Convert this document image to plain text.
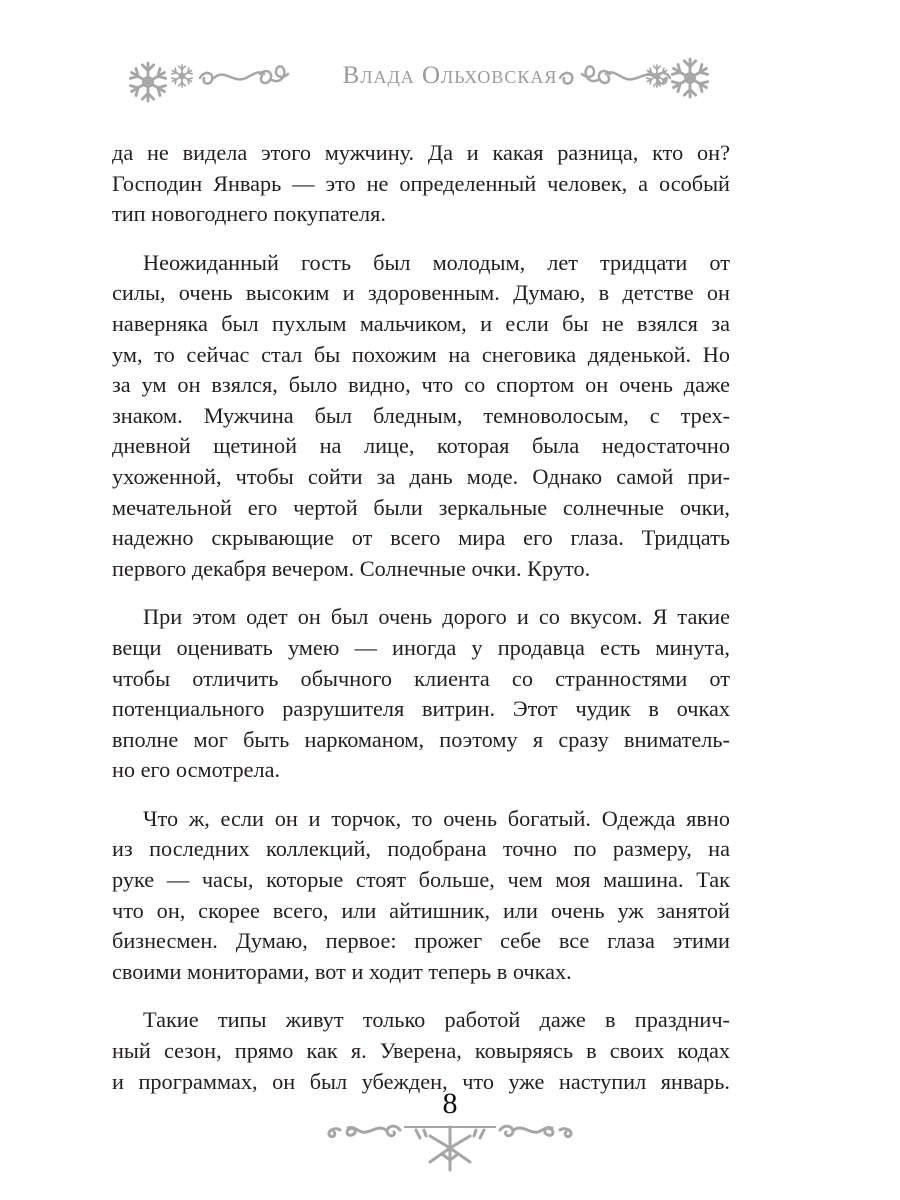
Влада Ольховская
да не видела этого мужчину. Да и какая разница, кто он?
Господин Январь — это не определенный человек, а особый
тип новогоднего покупателя.
Неожиданный гость был молодым, лет тридцати от
силы, очень высоким и здоровенным. Думаю, в детстве он
наверняка был пухлым мальчиком, и если бы не взялся за
ум, то сейчас стал бы похожим на снеговика дяденькой. Но
за ум он взялся, было видно, что со спортом он очень даже
знаком. Мужчина был бледным, темноволосым, с трех-
дневной щетиной на лице, которая была недостаточно
ухоженной, чтобы сойти за дань моде. Однако самой при-
мечательной его чертой были зеркальные солнечные очки,
надежно скрывающие от всего мира его глаза. Тридцать
первого декабря вечером. Солнечные очки. Круто.
При этом одет он был очень дорого и со вкусом. Я такие
вещи оценивать умею — иногда у продавца есть минута,
чтобы отличить обычного клиента со странностями от
потенциального разрушителя витрин. Этот чудик в очках
вполне мог быть наркоманом, поэтому я сразу вниматель-
но его осмотрела.
Что ж, если он и торчок, то очень богатый. Одежда явно
из последних коллекций, подобрана точно по размеру, на
руке — часы, которые стоят больше, чем моя машина. Так
что он, скорее всего, или айтишник, или очень уж занятой
бизнесмен. Думаю, первое: прожег себе все глаза этими
своими мониторами, вот и ходит теперь в очках.
Такие типы живут только работой даже в празднич-
ный сезон, прямо как я. Уверена, ковыряясь в своих кодах
и программах, он был убежден, что уже наступил январь.
8
